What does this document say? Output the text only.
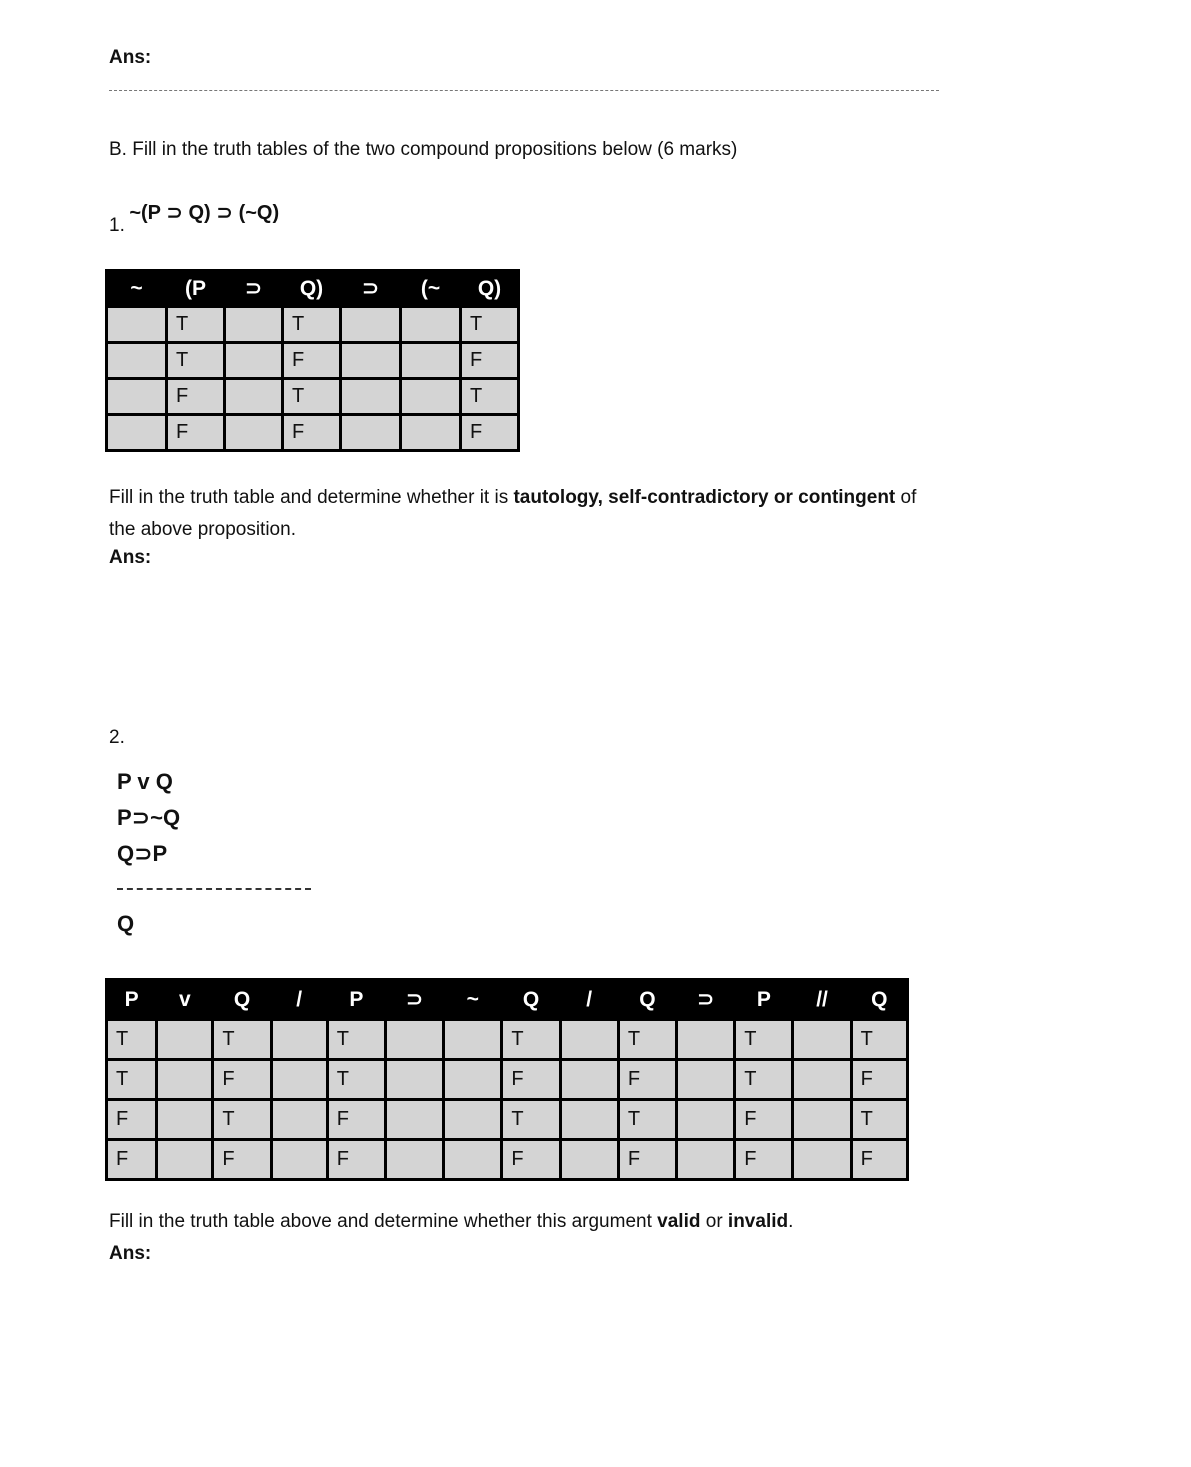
Ans:
B. Fill in the truth tables of the two compound propositions below (6 marks)
1. ~(P ⊃ Q) ⊃ (~Q)
~	(P	⊃	Q)	⊃	(~	Q)
	T		T			T
	T		F			F
	F		T			T
	F		F			F
Fill in the truth table and determine whether it is tautology, self-contradictory or contingent of
the above proposition.
Ans:
2.
P v Q
P⊃~Q
Q⊃P
Q
P	v	Q	/	P	⊃	~	Q	/	Q	⊃	P	//	Q
T		T		T			T		T		T		T
T		F		T			F		F		T		F
F		T		F			T		T		F		T
F		F		F			F		F		F		F
Fill in the truth table above and determine whether this argument valid or invalid.
Ans:
